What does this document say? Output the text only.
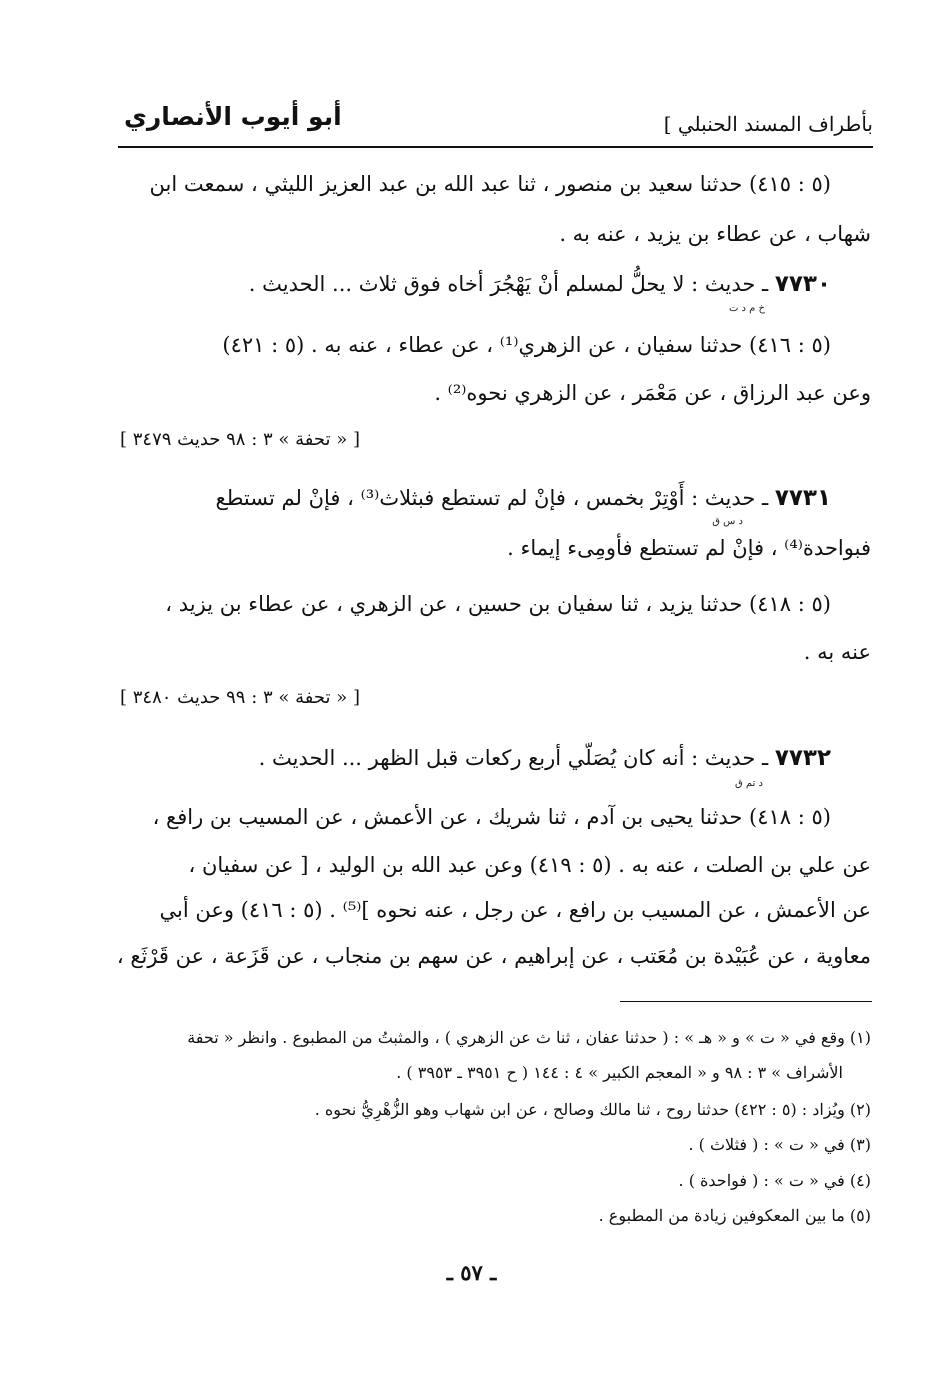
بأطراف المسند الحنبلي ]
أبو أيوب الأنصاري
(٥ : ٤١٥) حدثنا سعيد بن منصور ، ثنا عبد الله بن عبد العزيز الليثي ، سمعت ابن
شهاب ، عن عطاء بن يزيد ، عنه به .
٧٧٣٠ ـ حديث : لا يحلُّ لمسلم أنْ يَهْجُرَ أخاه فوق ثلاث ... الحديث .
خ م د ت
(٥ : ٤١٦) حدثنا سفيان ، عن الزهري⁽¹⁾ ، عن عطاء ، عنه به . (٥ : ٤٢١)
وعن عبد الرزاق ، عن مَعْمَر ، عن الزهري نحوه⁽²⁾ .
[ « تحفة » ٣ : ٩٨ حديث ٣٤٧٩ ]
٧٧٣١ ـ حديث : أَوْتِرْ بخمس ، فإنْ لم تستطع فبثلاث⁽³⁾ ، فإنْ لم تستطع
د س ق
فبواحدة⁽⁴⁾ ، فإنْ لم تستطع فأومِىء إيماء .
(٥ : ٤١٨) حدثنا يزيد ، ثنا سفيان بن حسين ، عن الزهري ، عن عطاء بن يزيد ،
عنه به .
[ « تحفة » ٣ : ٩٩ حديث ٣٤٨٠ ]
٧٧٣٢ ـ حديث : أنه كان يُصَلّي أربع ركعات قبل الظهر ... الحديث .
د تم ق
(٥ : ٤١٨) حدثنا يحيى بن آدم ، ثنا شريك ، عن الأعمش ، عن المسيب بن رافع ،
عن علي بن الصلت ، عنه به . (٥ : ٤١٩) وعن عبد الله بن الوليد ، [ عن سفيان ،
عن الأعمش ، عن المسيب بن رافع ، عن رجل ، عنه نحوه ]⁽⁵⁾ . (٥ : ٤١٦) وعن أبي
معاوية ، عن عُبَيْدة بن مُعَتب ، عن إبراهيم ، عن سهم بن منجاب ، عن قَزَعة ، عن قَرْثَع ،
(١) وقع في « ت » و « هـ » : ( حدثنا عفان ، ثنا ث عن الزهري ) ، والمثبتُ من المطبوع . وانظر « تحفة
الأشراف » ٣ : ٩٨ و « المعجم الكبير » ٤ : ١٤٤ ( ح ٣٩٥١ ـ ٣٩٥٣ ) .
(٢) ويُزاد : (٥ : ٤٢٢) حدثنا روح ، ثنا مالك وصالح ، عن ابن شهاب وهو الزُّهْرِيُّ نحوه .
(٣) في « ت » : ( فثلاث ) .
(٤) في « ت » : ( فواحدة ) .
(٥) ما بين المعكوفين زيادة من المطبوع .
ـ ٥٧ ـ
